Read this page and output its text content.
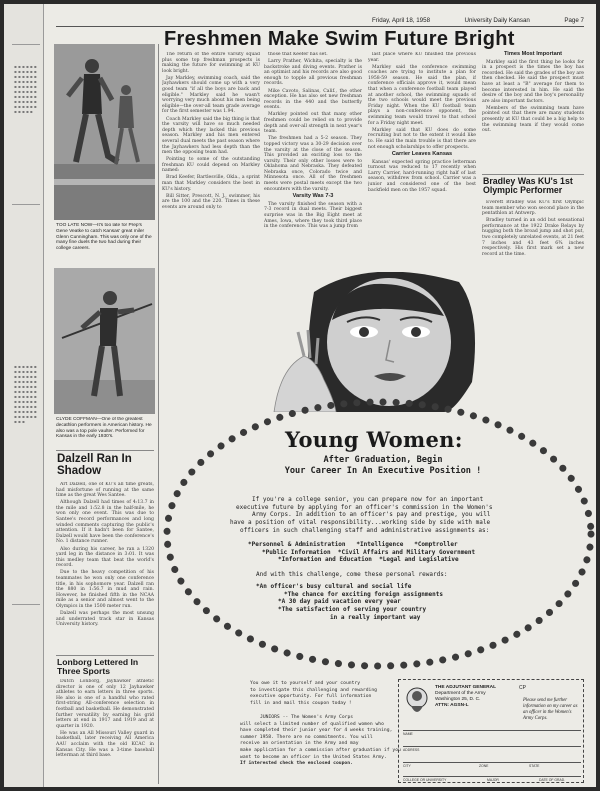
▪ ▪ ▪ ▪ ▪ ▪ ▪ ▪ ▪ ▪ ▪ ▪ ▪ ▪ ▪ ▪ ▪ ▪ ▪ ▪ ▪ ▪ ▪ ▪ ▪ ▪ ▪ ▪ ▪ ▪ ▪ ▪ ▪ ▪ ▪ ▪ ▪ ▪ ▪ ▪ ▪ ▪ ▪ ▪ ▪ ▪ ▪ ▪ ▪ ▪ ▪ ▪ ▪ ▪ ▪ ▪ ▪ ▪ ▪
▪ ▪ ▪ ▪ ▪ ▪ ▪ ▪ ▪ ▪ ▪ ▪ ▪ ▪ ▪ ▪ ▪ ▪ ▪ ▪ ▪ ▪ ▪ ▪ ▪ ▪ ▪ ▪ ▪ ▪ ▪ ▪ ▪ ▪ ▪ ▪ ▪ ▪ ▪ ▪ ▪ ▪ ▪ ▪ ▪ ▪ ▪ ▪ ▪ ▪ ▪ ▪ ▪ ▪ ▪ ▪ ▪ ▪ ▪ ▪ ▪ ▪ ▪ ▪ ▪ ▪ ▪ ▪ ▪
Friday, April 18, 1958	University Daily Kansan	Page 7
Freshmen Make Swim Future Bright
TOO LATE NOW—It's too late for Prep's Gene Veatke to catch Kansas' great miler Glenn Cunningham. This was only one of the many fine duels the two had during their college careers.
CLYDE COFFMAN—One of the greatest decathlon performers in American history. He also was a top pole vaulter. Performed for Kansas in the early 1930's.
Dalzell Ran In Shadow

Art Dalzell, one of KU's all time greats, had misfortune of running at the same time as the great Wes Santee.

Although Dalzell had times of 4:13.7 in the mile and 1:52.8 in the half-mile, he won only one event. This was due to Santee's record performances and long winded comments capturing the public's attention. If it hadn't been for Santee, Dalzell would have been the conference's No. 1 distance runner.

Also during his career, he ran a 1320 yard leg in the distance in 3:01. It was this medley team that beat the world's record.

Due to the heavy competition of his teammates he won only one conference title, in his sophomore year. Dalzell ran the 880 in 1:56.7 in mud and rain. However, he finished fifth in the NCAA mile as a senior and almost went to the Olympics in the 1500 meter run.

Dalzell was perhaps the most unsung and underrated track star in Kansas University history.

Lonborg Lettered In Three Sports

Dutch Lonborg, Jayhawker athletic director is one of only 12 Jayhawker athletes to earn letters in three sports. He also is one of a handful who rated first-string All-conference selection in football and basketball. He demonstrated further versatility by earning his grid letters at end in 1917 and 1919 and at quarter in 1920.

He was an All Missouri Valley guard in basketball, later receiving All America AAU acclaim with the old KCAC in Kansas City. He was a 3-time baseball letterman at third base.

The return of the entire varsity squad plus some top freshman prospects is making the future for swimming at KU look bright.

Jay Markley, swimming coach, said the Jayhawkers should come up with a very good team "if all the boys are back and eligible." Markley said he wasn't worrying very much about his men being eligible—the over-all team grade average for the first semester was 1.94.

Coach Markley said the big thing is that the varsity will have so much needed depth which they lacked this previous season. Markley and his men entered several dual meets the past season where the Jayhawkers had less depth than the men the opposing team had.

Pointing to some of the outstanding freshman KU could depend on Markley named:

Brad Keefer, Bartlesville, Okla., a sprint man that Markley considers the best in KU's history.

Bill Sitter, Prescott, N. J., swimmer, his are the 100 and the 220. Times in these events are around only to

those that Keefer has set.

Larry Prather, Wichita, specialty is the backstroke and diving events. Prather is an optimist and his records are also good enough to topple all previous freshman records.

Mike Cavoto, Salinas, Calif., the other exception. He has also set new freshman records in the 440 and the butterfly events.

Markley pointed out that many other freshmen could be relied on to provide depth and over-all strength in next year's team.

The freshmen had a 5-2 season. They topped victory was a 30-29 decision over the varsity at the close of the season. This provided an exciting loss to the varsity. Their only other losses were to Oklahoma and Nebraska. They defeated Nebraska once, Colorado twice and Minnesota once. All of the freshmen meets were postal meets except the two encounters with the varsity.

Varsity Was 7-3

The varsity finished the season with a 7-3 record in dual meets. Their biggest surprise was in the Big Eight meet at Ames, Iowa, where they took third place in the conference. This was a jump from

last place where KU finished the previous year.

Markley said the conference swimming coaches are trying to institute a plan for 1958-59 season. He said the plan, if conference officials approve it, would mean that when a conference football team played at another school, the swimming squads of the two schools would meet the previous Friday night. When the KU football team plays a non-conference opponent, the swimming team would travel to that school for a Friday night meet.

Markley said that KU does do some recruiting but not to the extent it would like to. He said the main trouble is that there are not enough scholarships to offer prospects.

Carrier Leaves Kansas

Kansas' expected spring practice letterman turnout was reduced to 17 recently when Larry Carrier, hard-running right half of last season, withdrew from school. Carrier was a junior and considered one of the best backfield men on the 1957 squad.

Times Most Important

Markley said the first thing he looks for in a prospect is the times the boy has recorded. He said the grades of the boy are then checked. He said the prospect must have at least a "B" average for them to become interested in him. He said the desire of the boy and the boy's personality are also important factors.

Members of the swimming team have pointed out that there are many students presently at KU that could be a big help to the swimming team if they would come out.

Bradley Was KU's 1st Olympic Performer

Everett Bradley was KU's first Olympic team member who won second place in the pentathlon at Antwerp.

Bradley turned in an odd but sensational performance at the 1922 Drake Relays by hugging both the broad jump and shot put, two completely unrelated events, at 21 feet 7 inches and 43 feet 6¾ inches respectively. His first mark set a new record at the time.

Young Women:
After Graduation, Begin
Your Career In An Executive Position !
If you're a college senior, you can prepare now for an important
executive future by applying for an officer's commission in the Women's
Army Corps. In addition to an officer's pay and prestige, you will
have a position of vital responsibility...working side by side with male
officers in such challenging staff and administrative assignments as:
*Personnel & Administration *Intelligence *Comptroller
*Public Information *Civil Affairs and Military Government
*Information and Education *Legal and Legislative
And with this challenge, come these personal rewards:
*An officer's busy cultural and social life
*The chance for exciting foreign assignments
*A 30 day paid vacation every year
*The satisfaction of serving your country
in a really important way
You owe it to yourself and your country
to investigate this challenging and rewarding
executive opportunity. For full information
fill in and mail this coupon today !
JUNIORS -- The Women's Army Corps
will select a limited number of qualified women who
have completed their junior year for 4 weeks training,
summer 1958. There are no commitments. You will
receive an orientation in the Army and may
make application for a commission after graduation if you
want to become an officer in the United States Army.
If interested check the enclosed coupon.
THE ADJUTANT GENERAL
Department of the Army
Washington 25, D. C.
ATTN: AGSN-L
CP
Please send me further information on my career as an officer in the Women's Army Corps.
NAME
ADDRESS
CITY	ZONE	STATE
COLLEGE OR UNIVERSITY	MAJOR	DATE OF GRAD.
